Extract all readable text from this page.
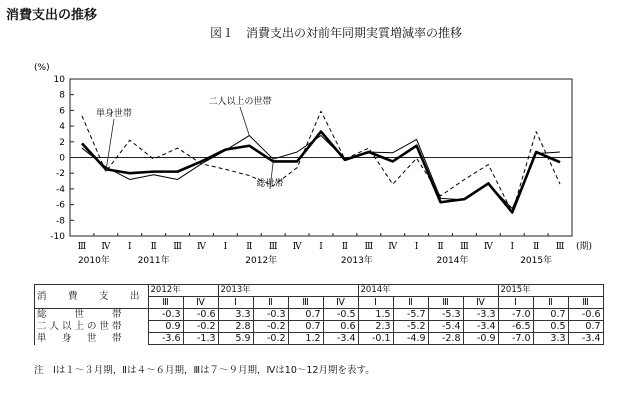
消費支出の推移
図１　消費支出の対前年同期実質増減率の推移
10
8
6
4
2
0
-2
-4
-6
-8
-10
(%)
Ⅲ Ⅳ Ⅰ Ⅱ Ⅲ Ⅳ Ⅰ Ⅱ Ⅲ Ⅳ Ⅰ Ⅱ Ⅲ Ⅳ Ⅰ Ⅱ Ⅲ Ⅳ Ⅰ Ⅱ Ⅲ (期)
2010年	2011年	2012年	2013年	2014年	2015年
単身世帯
二人以上の世帯
総世帯
消　費　支　出	2012年		2013年				2014年				2015年		
	Ⅲ	Ⅳ	Ⅰ	Ⅱ	Ⅲ	Ⅳ	Ⅰ	Ⅱ	Ⅲ	Ⅳ	Ⅰ	Ⅱ	Ⅲ
総　　世　　帯	-0.3	-0.6	3.3	-0.3	0.7	-0.5	1.5	-5.7	-5.3	-3.3	-7.0	0.7	-0.6
二人以上の世帯	0.9	-0.2	2.8	-0.2	0.7	0.6	2.3	-5.2	-5.4	-3.4	-6.5	0.5	0.7
単　身　世　帯	-3.6	-1.3	5.9	-0.2	1.2	-3.4	-0.1	-4.9	-2.8	-0.9	-7.0	3.3	-3.4
注　Ⅰは１～３月期，Ⅱは４～６月期，Ⅲは７～９月期，Ⅳは10～12月期を表す。
